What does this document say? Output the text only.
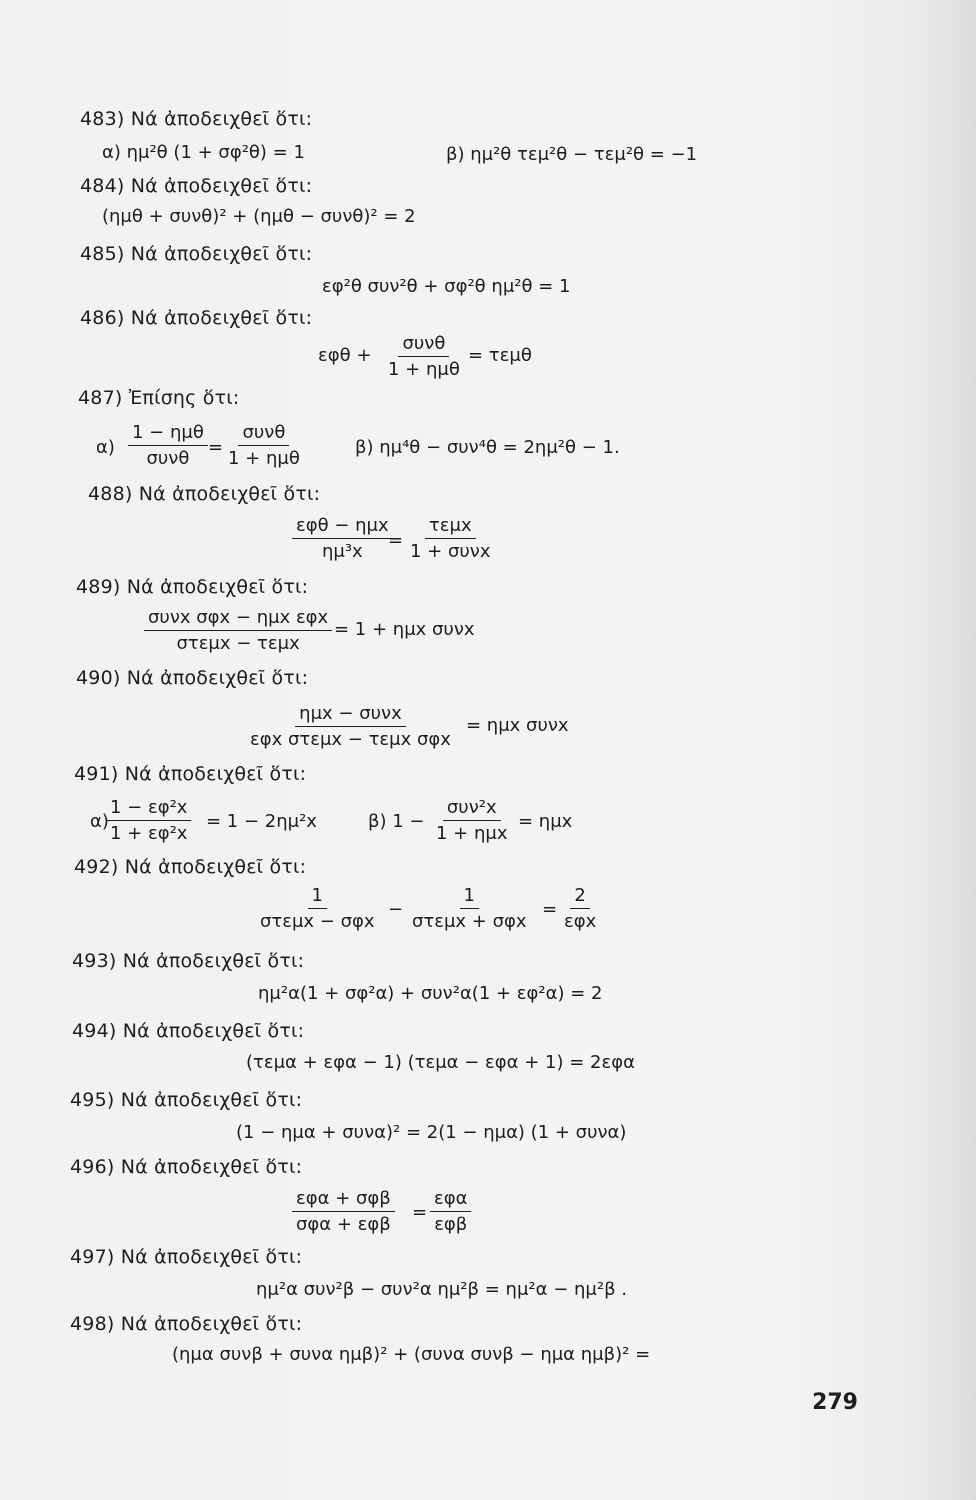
483) Νά ἀποδειχθεῖ ὅτι:
α) ημ²θ (1 + σφ²θ) = 1	β) ημ²θ τεμ²θ − τεμ²θ = −1
484) Νά ἀποδειχθεῖ ὅτι:
(ημθ + συνθ)² + (ημθ − συνθ)² = 2
485) Νά ἀποδειχθεῖ ὅτι:
εφ²θ συν²θ + σφ²θ ημ²θ = 1
486) Νά ἀποδειχθεῖ ὅτι:
εφθ +
συνθ
1 + ημθ
= τεμθ
487) Ἐπίσης ὅτι:
α)
1 − ημθ
συνθ
=
συνθ
1 + ημθ
β) ημ⁴θ − συν⁴θ = 2ημ²θ − 1.
488) Νά ἀποδειχθεῖ ὅτι:
εφθ − ημx
ημ³x
=
τεμx
1 + συνx
489) Νά ἀποδειχθεῖ ὅτι:
συνx σφx − ημx εφx
στεμx − τεμx
= 1 + ημx συνx
490) Νά ἀποδειχθεῖ ὅτι:
ημx − συνx
εφx στεμx − τεμx σφx
= ημx συνx
491) Νά ἀποδειχθεῖ ὅτι:
α)
$\frac{\text{1 − εφ²x}}{\text{1 + εφ²x}} = 1 - 2\eta\mu^2x$	β) 1 −
συν²x
1 + ημx
= ημx
492) Νά ἀποδειχθεῖ ὅτι:
1
στεμx − σφx
−
1
στεμx + σφx
=
2
εφx
493) Νά ἀποδειχθεῖ ὅτι:
ημ²α(1 + σφ²α) + συν²α(1 + εφ²α) = 2
494) Νά ἀποδειχθεῖ ὅτι:
(τεμα + εφα − 1) (τεμα − εφα + 1) = 2εφα
495) Νά ἀποδειχθεῖ ὅτι:
(1 − ημα + συνα)² = 2(1 − ημα) (1 + συνα)
496) Νά ἀποδειχθεῖ ὅτι:
εφα + σφβ
σφα + εφβ
=
εφα
εφβ
497) Νά ἀποδειχθεῖ ὅτι:
ημ²α συν²β − συν²α ημ²β = ημ²α − ημ²β .
498) Νά ἀποδειχθεῖ ὅτι:
(ημα συνβ + συνα ημβ)² + (συνα συνβ − ημα ημβ)² =
279
